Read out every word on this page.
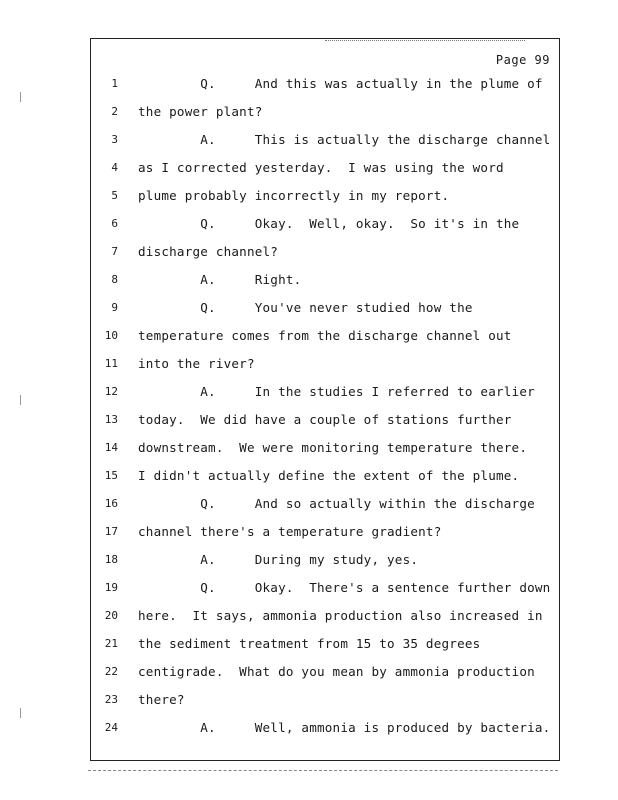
Page 99
1 Q.     And this was actually in the plume of
2 the power plant?
3 A.     This is actually the discharge channel
4 as I corrected yesterday.  I was using the word
5 plume probably incorrectly in my report.
6 Q.     Okay.  Well, okay.  So it's in the
7 discharge channel?
8 A.     Right.
9 Q.     You've never studied how the
10 temperature comes from the discharge channel out
11 into the river?
12 A.     In the studies I referred to earlier
13 today.  We did have a couple of stations further
14 downstream.  We were monitoring temperature there.
15 I didn't actually define the extent of the plume.
16 Q.     And so actually within the discharge
17 channel there's a temperature gradient?
18 A.     During my study, yes.
19 Q.     Okay.  There's a sentence further down
20 here.  It says, ammonia production also increased in
21 the sediment treatment from 15 to 35 degrees
22 centigrade.  What do you mean by ammonia production
23 there?
24 A.     Well, ammonia is produced by bacteria.
